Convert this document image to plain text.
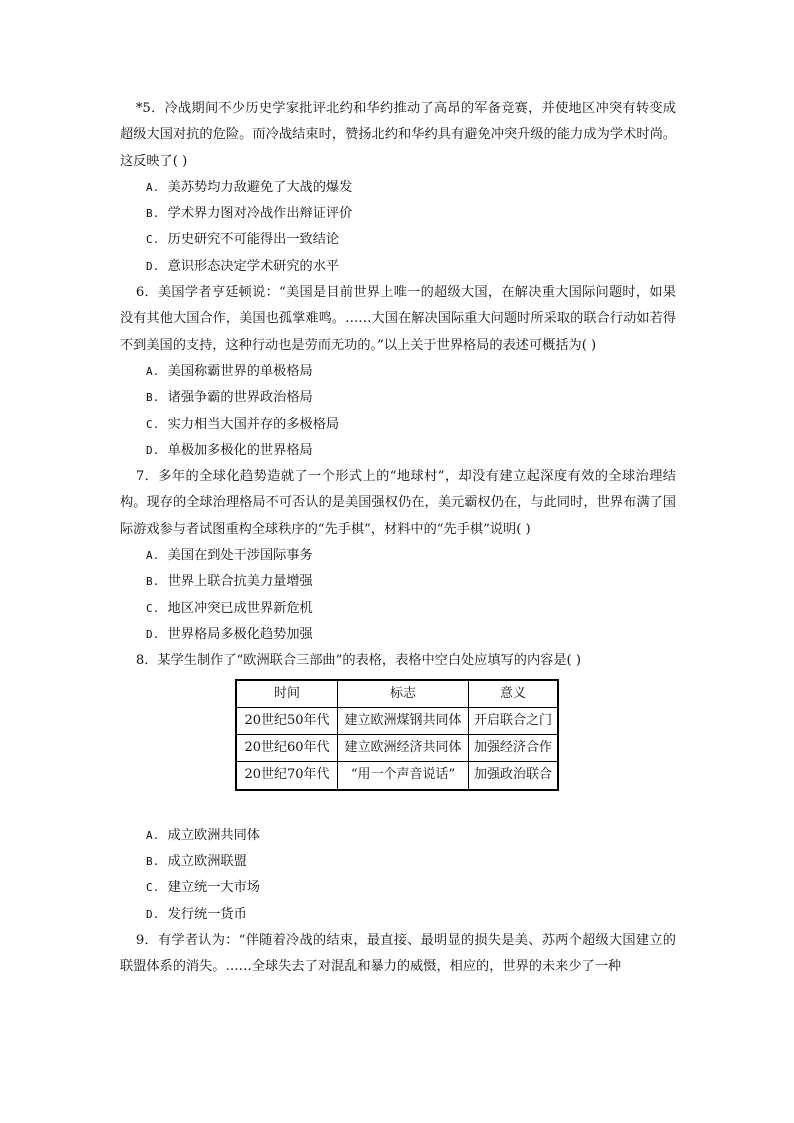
*5．冷战期间不少历史学家批评北约和华约推动了高昂的军备竞赛，并使地区冲突有转变成超级大国对抗的危险。而冷战结束时，赞扬北约和华约具有避免冲突升级的能力成为学术时尚。这反映了( )

A. 美苏势均力敌避免了大战的爆发
B. 学术界力图对冷战作出辩证评价
C. 历史研究不可能得出一致结论
D. 意识形态决定学术研究的水平

6．美国学者亨廷顿说：“美国是目前世界上唯一的超级大国，在解决重大国际问题时，如果没有其他大国合作，美国也孤掌难鸣。……大国在解决国际重大问题时所采取的联合行动如若得不到美国的支持，这种行动也是劳而无功的。”以上关于世界格局的表述可概括为( )

A. 美国称霸世界的单极格局
B. 诸强争霸的世界政治格局
C. 实力相当大国并存的多极格局
D. 单极加多极化的世界格局

7．多年的全球化趋势造就了一个形式上的“地球村”，却没有建立起深度有效的全球治理结构。现存的全球治理格局不可否认的是美国强权仍在，美元霸权仍在，与此同时，世界布满了国际游戏参与者试图重构全球秩序的“先手棋”，材料中的“先手棋”说明( )

A. 美国在到处干涉国际事务
B. 世界上联合抗美力量增强
C. 地区冲突已成世界新危机
D. 世界格局多极化趋势加强

8．某学生制作了“欧洲联合三部曲”的表格，表格中空白处应填写的内容是( )

时间	标志	意义
20世纪50年代	建立欧洲煤钢共同体	开启联合之门
20世纪60年代	建立欧洲经济共同体	加强经济合作
20世纪70年代	“用一个声音说话”	加强政治联合
A. 成立欧洲共同体
B. 成立欧洲联盟
C. 建立统一大市场
D. 发行统一货币

9．有学者认为：“伴随着冷战的结束，最直接、最明显的损失是美、苏两个超级大国建立的联盟体系的消失。……全球失去了对混乱和暴力的威慑，相应的，世界的未来少了一种
